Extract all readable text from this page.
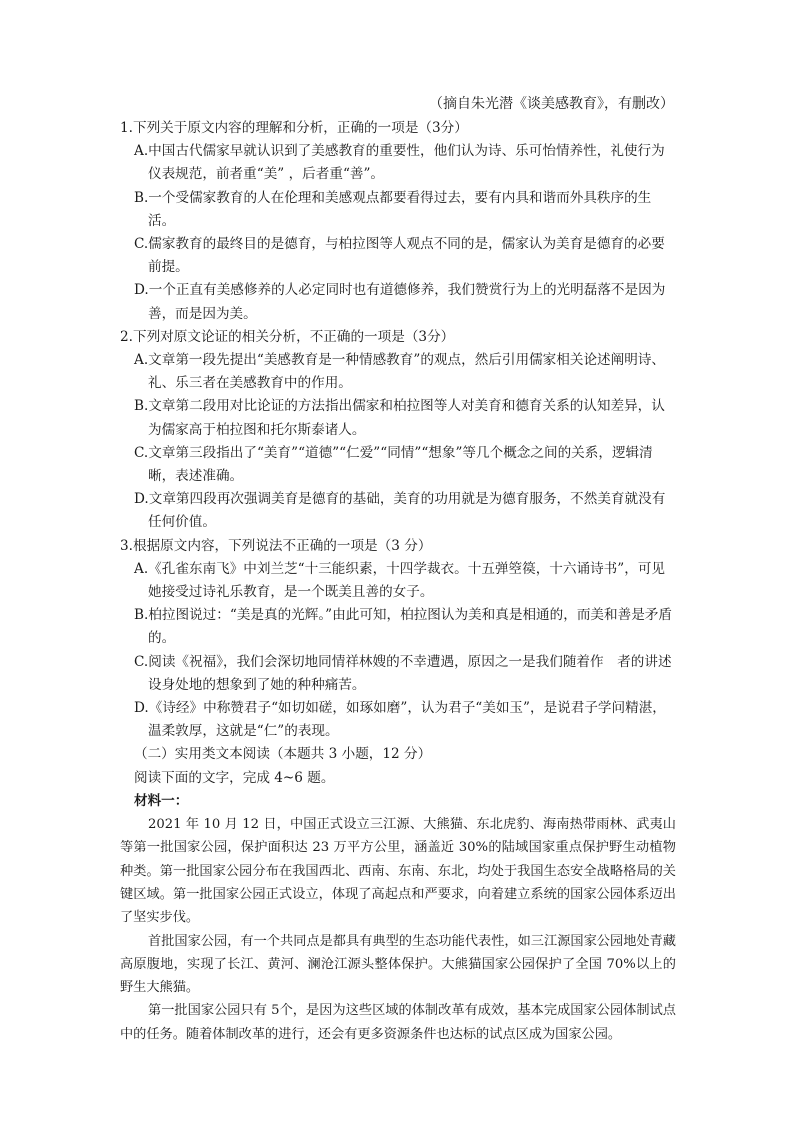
（摘自朱光潜《谈美感教育》，有删改）

1.下列关于原文内容的理解和分析，正确的一项是（3分）

A.中国古代儒家早就认识到了美感教育的重要性，他们认为诗、乐可怡情养性，礼使行为仪表规范，前者重“美” ，后者重“善”。

B.一个受儒家教育的人在伦理和美感观点都要看得过去，要有内具和谐而外具秩序的生活。

C.儒家教育的最终目的是德育，与柏拉图等人观点不同的是，儒家认为美育是德育的必要前提。

D.一个正直有美感修养的人必定同时也有道德修养，我们赞赏行为上的光明磊落不是因为善，而是因为美。

2.下列对原文论证的相关分析，不正确的一项是（3分）

A.文章第一段先提出“美感教育是一种情感教育”的观点，然后引用儒家相关论述阐明诗、礼、乐三者在美感教育中的作用。

B.文章第二段用对比论证的方法指出儒家和柏拉图等人对美育和德育关系的认知差异，认为儒家高于柏拉图和托尔斯泰诸人。

C.文章第三段指出了“美育”“道德”“仁爱”“同情”“想象”等几个概念之间的关系，逻辑清晰，表述准确。

D.文章第四段再次强调美育是德育的基础，美育的功用就是为德育服务，不然美育就没有任何价值。

3.根据原文内容，下列说法不正确的一项是（3 分）

A.《孔雀东南飞》中刘兰芝“十三能织素，十四学裁衣。十五弹箜篌，十六诵诗书”，可见她接受过诗礼乐教育，是一个既美且善的女子。

B.柏拉图说过：“美是真的光辉。”由此可知，柏拉图认为美和真是相通的，而美和善是矛盾的。

C.阅读《祝福》，我们会深切地同情祥林嫂的不幸遭遇，原因之一是我们随着作　者的讲述设身处地的想象到了她的种种痛苦。

D.《诗经》中称赞君子“如切如磋，如琢如磨”，认为君子“美如玉”，是说君子学问精湛，温柔敦厚，这就是“仁”的表现。

（二）实用类文本阅读（本题共 3 小题，12 分）

阅读下面的文字，完成 4~6 题。

材料一：

2021 年 10 月 12 日，中国正式设立三江源、大熊猫、东北虎豹、海南热带雨林、武夷山等第一批国家公园，保护面积达 23 万平方公里，涵盖近 30%的陆域国家重点保护野生动植物种类。第一批国家公园分布在我国西北、西南、东南、东北，均处于我国生态安全战略格局的关键区域。第一批国家公园正式设立，体现了高起点和严要求，向着建立系统的国家公园体系迈出了坚实步伐。

首批国家公园，有一个共同点是都具有典型的生态功能代表性，如三江源国家公园地处青藏高原腹地，实现了长江、黄河、澜沧江源头整体保护。大熊猫国家公园保护了全国 70%以上的野生大熊猫。

第一批国家公园只有 5个，是因为这些区域的体制改革有成效，基本完成国家公园体制试点中的任务。随着体制改革的进行，还会有更多资源条件也达标的试点区成为国家公园。
